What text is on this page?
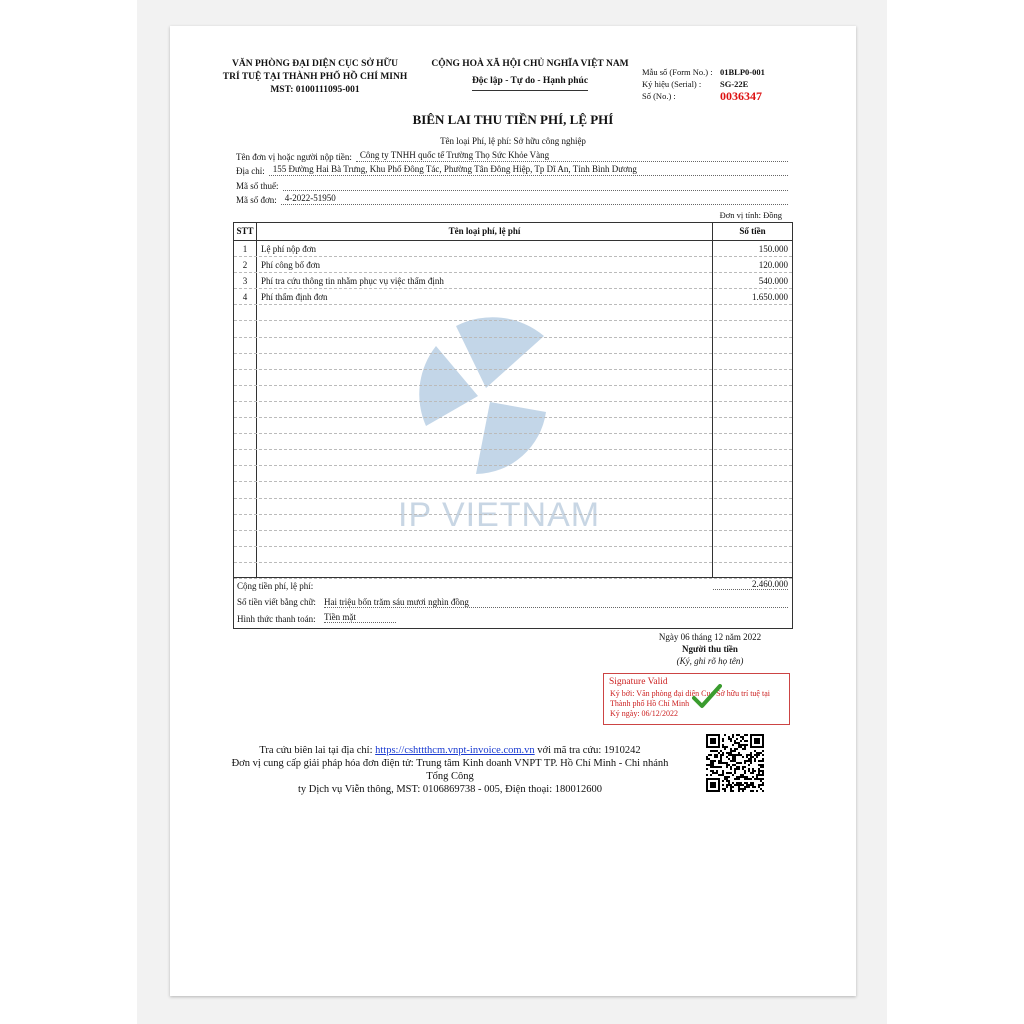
VĂN PHÒNG ĐẠI DIỆN CỤC SỞ HỮU
TRÍ TUỆ TẠI THÀNH PHỐ HỒ CHÍ MINH
MST: 0100111095-001
CỘNG HOÀ XÃ HỘI CHỦ NGHĨA VIỆT NAM
Độc lập - Tự do - Hạnh phúc
Mẫu số (Form No.) : 01BLP0-001
Ký hiệu (Serial) :	SG-22E
Số (No.) :	0036347
BIÊN LAI THU TIỀN PHÍ, LỆ PHÍ
Tên loại Phí, lệ phí: Sở hữu công nghiệp
Tên đơn vị hoặc người nộp tiền: Công ty TNHH quốc tế Trường Thọ Sức Khỏe Vàng
Địa chỉ: 155 Đường Hai Bà Trưng, Khu Phố Đông Tác, Phường Tân Đông Hiệp, Tp Dĩ An, Tỉnh Bình Dương
Mã số thuế:
Mã số đơn: 4-2022-51950
Đơn vị tính: Đồng
IP VIETNAM
STT	Tên loại phí, lệ phí	Số tiền
1	Lệ phí nộp đơn	150.000
2	Phí công bố đơn	120.000
3	Phí tra cứu thông tin nhằm phục vụ việc thẩm định	540.000
4	Phí thẩm định đơn	1.650.000
Cộng tiền phí, lệ phí:	2.460.000
Số tiền viết bằng chữ: Hai triệu bốn trăm sáu mươi nghìn đồng
Hình thức thanh toán: Tiền mặt
Ngày 06 tháng 12 năm 2022
Người thu tiền
(Ký, ghi rõ họ tên)
Signature Valid
Ký bởi: Văn phòng đại diện Cục Sở hữu trí tuệ tại
Thành phố Hồ Chí Minh
Ký ngày: 06/12/2022
Tra cứu biên lai tại địa chỉ: https://cshttthcm.vnpt-invoice.com.vn với mã tra cứu: 1910242
Đơn vị cung cấp giải pháp hóa đơn điện tử: Trung tâm Kinh doanh VNPT TP. Hồ Chí Minh - Chi nhánh Tổng Công
ty Dịch vụ Viễn thông, MST: 0106869738 - 005, Điện thoại: 180012600
